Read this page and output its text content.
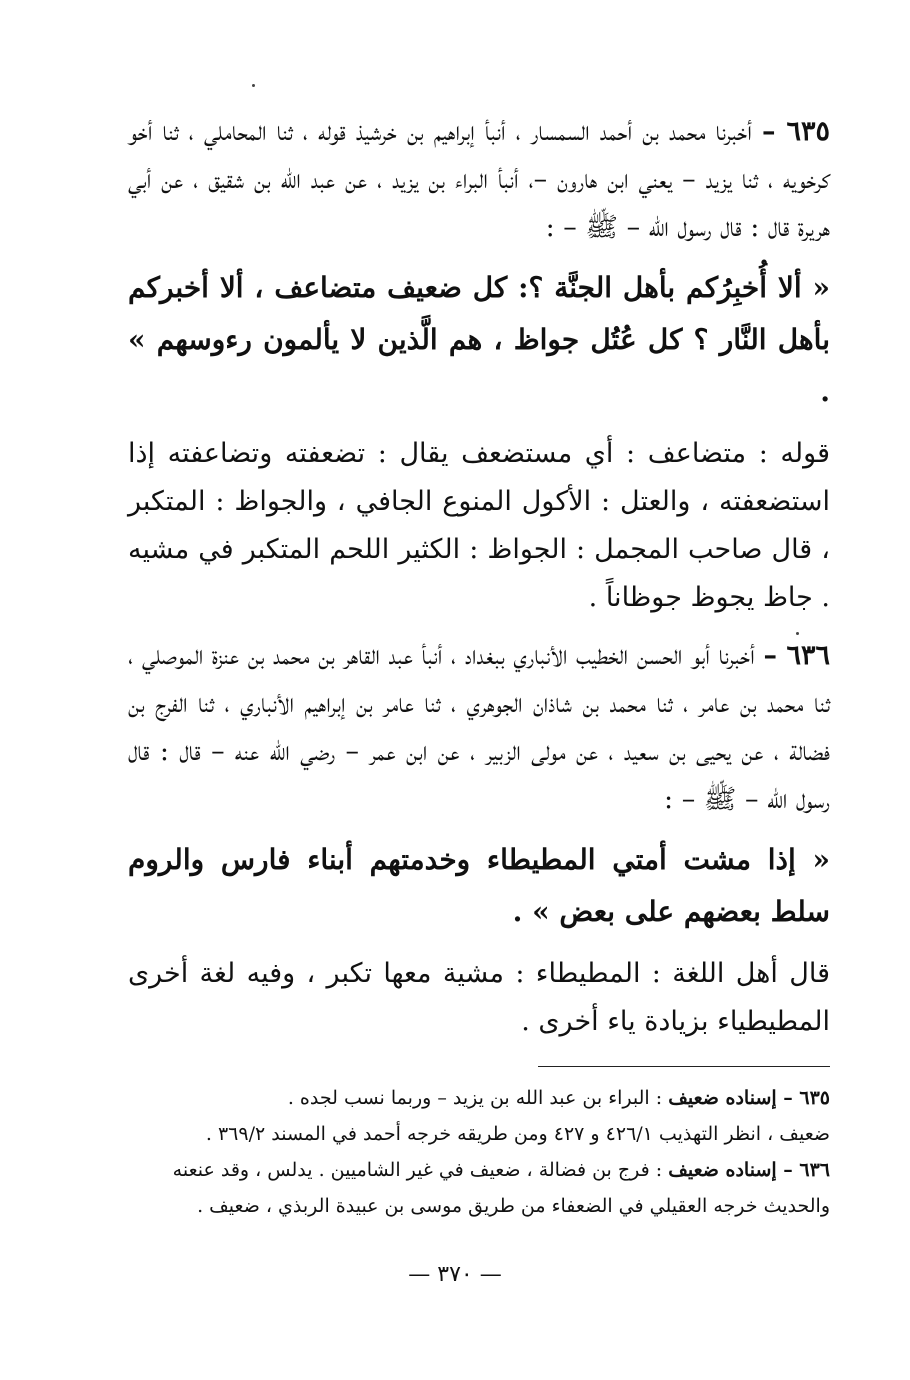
٦٣٥ – أخبرنا محمد بن أحمد السمسار ، أنبأ إبراهيم بن خرشيذ قوله ، ثنا المحاملي ، ثنا أخو كرخويه ، ثنا يزيد – يعني ابن هارون –، أنبأ البراء بن يزيد ، عن عبد الله بن شقيق ، عن أبي هريرة قال : قال رسول الله – ﷺ – :

« ألا أُخبِرُكم بأهل الجنَّة ؟: كل ضعيف متضاعف ، ألا أخبركم بأهل النَّار ؟ كل عُتُل جواظ ، هم الَّذين لا يألمون رءوسهم » .

قوله : متضاعف : أي مستضعف يقال : تضعفته وتضاعفته إذا استضعفته ، والعتل : الأكول المنوع الجافي ، والجواظ : المتكبر ، قال صاحب المجمل : الجواظ : الكثير اللحم المتكبر في مشيه . جاظ يجوظ جوظاناً .

٦٣٦ – أخبرنا أبو الحسن الخطيب الأنباري ببغداد ، أنبأ عبد القاهر بن محمد بن عنزة الموصلي ، ثنا محمد بن عامر ، ثنا محمد بن شاذان الجوهري ، ثنا عامر بن إبراهيم الأنباري ، ثنا الفرج بن فضالة ، عن يحيى بن سعيد ، عن مولى الزبير ، عن ابن عمر – رضي الله عنه – قال : قال رسول الله – ﷺ – :

« إذا مشت أمتي المطيطاء وخدمتهم أبناء فارس والروم سلط بعضهم على بعض » .

قال أهل اللغة : المطيطاء : مشية معها تكبر ، وفيه لغة أخرى المطيطياء بزيادة ياء أخرى .

٦٣٥ – إسناده ضعيف : البراء بن عبد الله بن يزيد – وربما نسب لجده .

ضعيف ، انظر التهذيب ٤٢٦/١ و ٤٢٧ ومن طريقه خرجه أحمد في المسند ٣٦٩/٢ .

٦٣٦ – إسناده ضعيف : فرج بن فضالة ، ضعيف في غير الشاميين . يدلس ، وقد عنعنه

والحديث خرجه العقيلي في الضعفاء من طريق موسى بن عبيدة الربذي ، ضعيف .

— ٣٧٠ —
